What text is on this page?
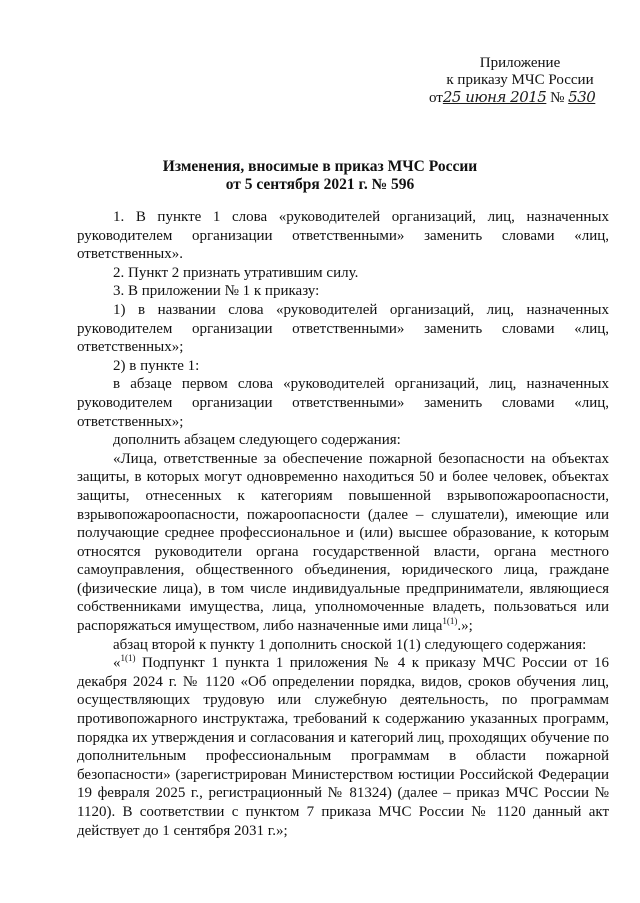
Приложение
к приказу МЧС России
от25 июня 2015 № 530
Изменения, вносимые в приказ МЧС России
от 5 сентября 2021 г. № 596

1. В пункте 1 слова «руководителей организаций, лиц, назначенных руководителем организации ответственными» заменить словами «лиц, ответственных».

2. Пункт 2 признать утратившим силу.

3. В приложении № 1 к приказу:

1) в названии слова «руководителей организаций, лиц, назначенных руководителем организации ответственными» заменить словами «лиц, ответственных»;

2) в пункте 1:

в абзаце первом слова «руководителей организаций, лиц, назначенных руководителем организации ответственными» заменить словами «лиц, ответственных»;

дополнить абзацем следующего содержания:

«Лица, ответственные за обеспечение пожарной безопасности на объектах защиты, в которых могут одновременно находиться 50 и более человек, объектах защиты, отнесенных к категориям повышенной взрывопожароопасности, взрывопожароопасности, пожароопасности (далее – слушатели), имеющие или получающие среднее профессиональное и (или) высшее образование, к которым относятся руководители органа государственной власти, органа местного самоуправления, общественного объединения, юридического лица, граждане (физические лица), в том числе индивидуальные предприниматели, являющиеся собственниками имущества, лица, уполномоченные владеть, пользоваться или распоряжаться имуществом, либо назначенные ими лица$^{1(1)}$.»;

абзац второй к пункту 1 дополнить сноской 1(1) следующего содержания:

«$^{1(1)}$ Подпункт 1 пункта 1 приложения № 4 к приказу МЧС России от 16 декабря 2024 г. № 1120 «Об определении порядка, видов, сроков обучения лиц, осуществляющих трудовую или служебную деятельность, по программам противопожарного инструктажа, требований к содержанию указанных программ, порядка их утверждения и согласования и категорий лиц, проходящих обучение по дополнительным профессиональным программам в области пожарной безопасности» (зарегистрирован Министерством юстиции Российской Федерации 19 февраля 2025 г., регистрационный № 81324) (далее – приказ МЧС России № 1120). В соответствии с пунктом 7 приказа МЧС России № 1120 данный акт действует до 1 сентября 2031 г.»;
